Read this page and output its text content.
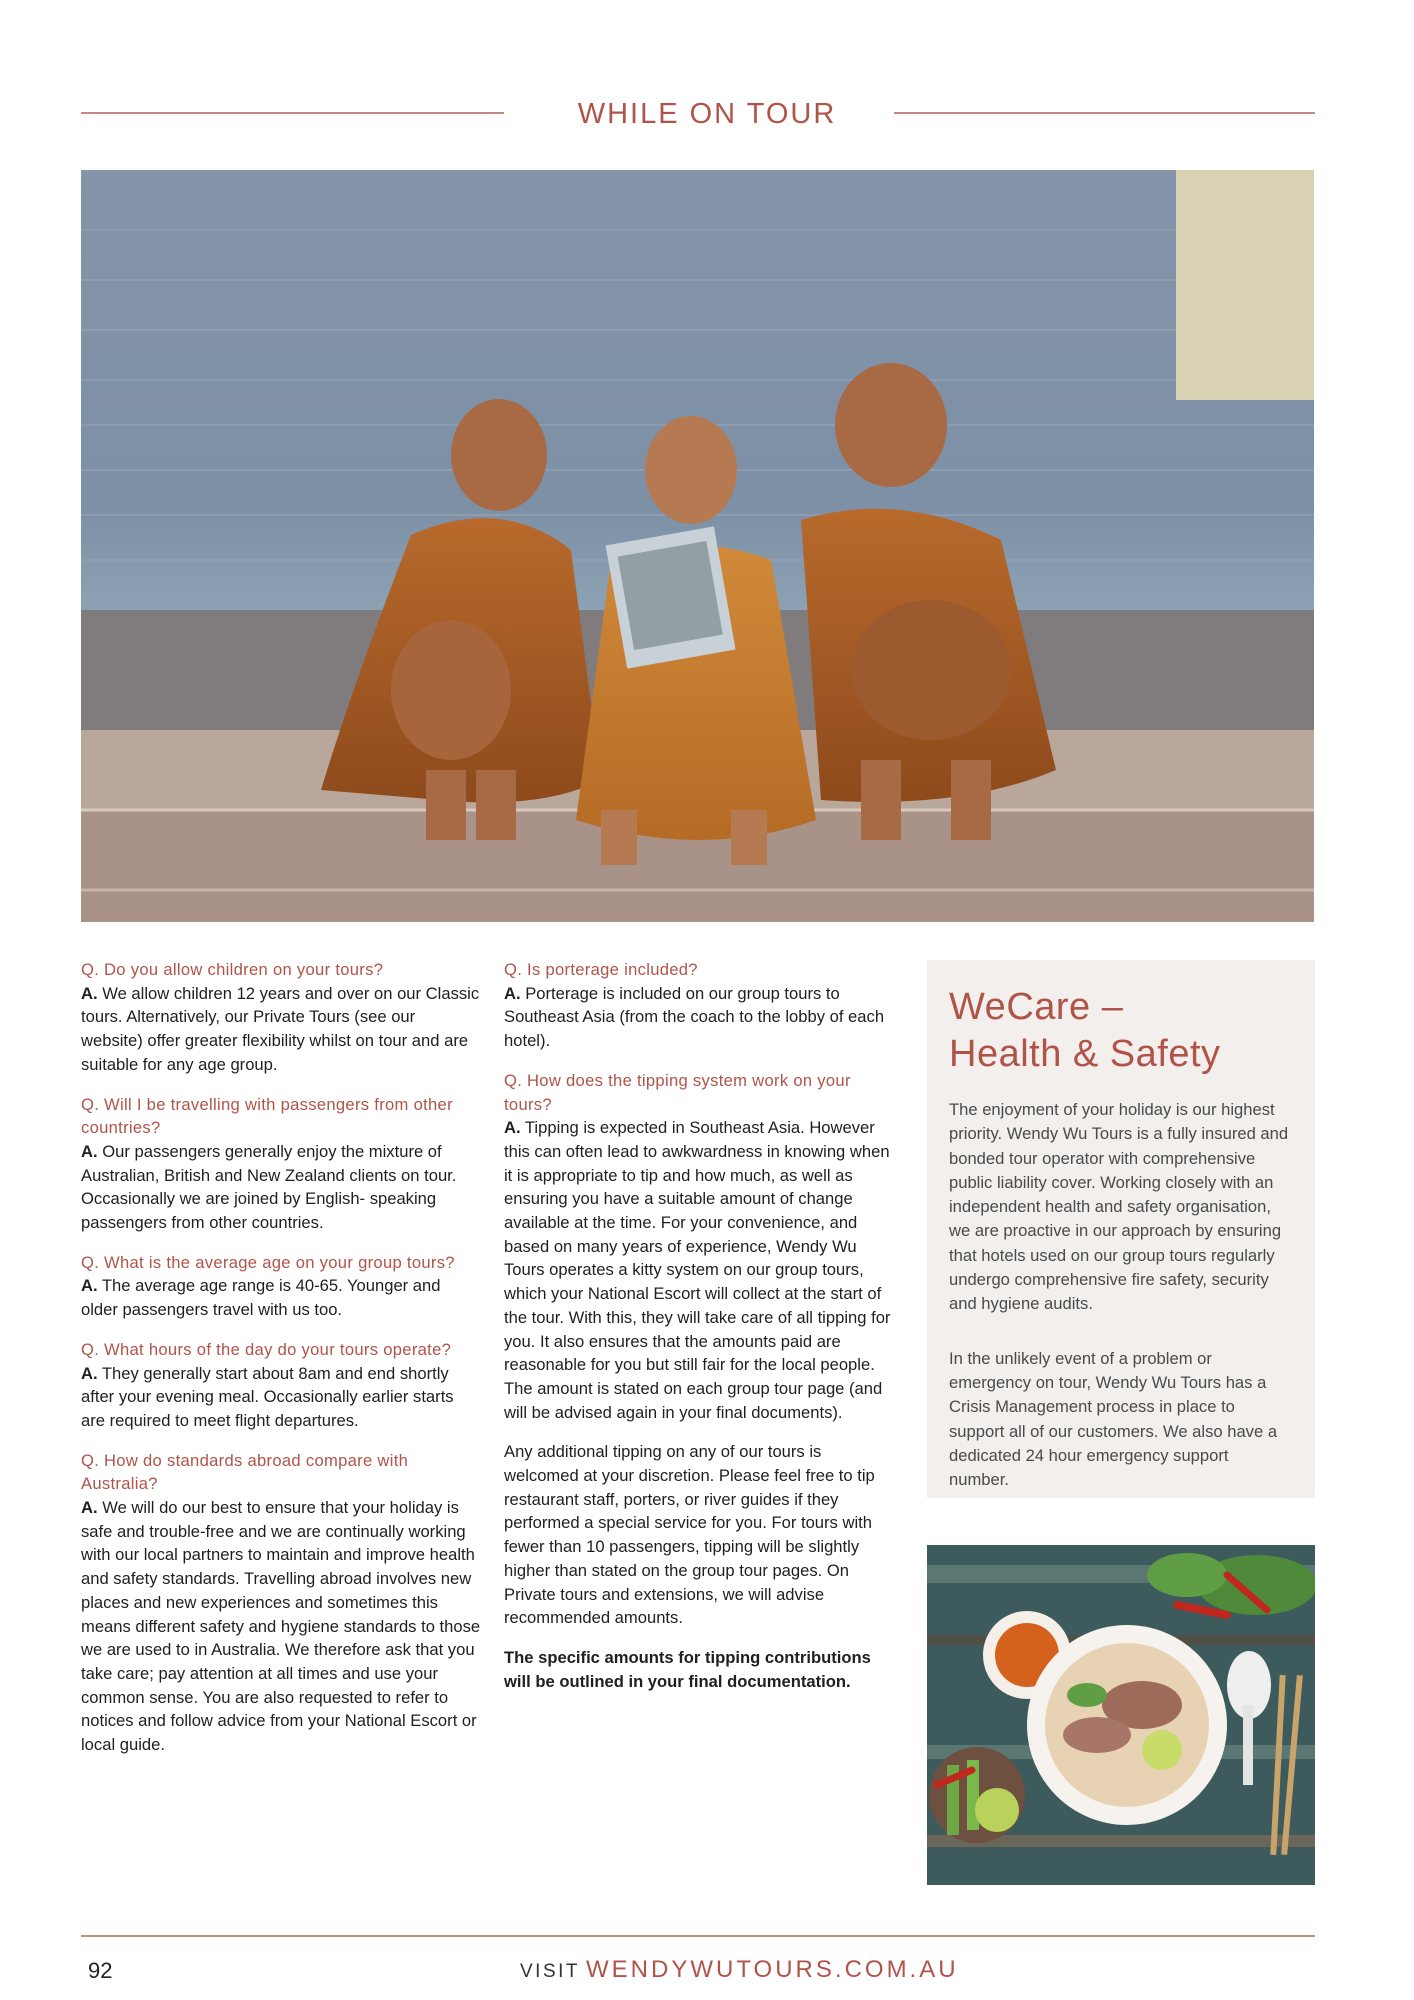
WHILE ON TOUR

Q. Do you allow children on your tours?

A. We allow children 12 years and over on our Classic tours. Alternatively, our Private Tours (see our website) offer greater flexibility whilst on tour and are suitable for any age group.

Q. Will I be travelling with passengers from other countries?

A. Our passengers generally enjoy the mixture of Australian, British and New Zealand clients on tour. Occasionally we are joined by English- speaking passengers from other countries.

Q. What is the average age on your group tours?

A. The average age range is 40-65. Younger and older passengers travel with us too.

Q. What hours of the day do your tours operate?

A. They generally start about 8am and end shortly after your evening meal. Occasionally earlier starts are required to meet flight departures.

Q. How do standards abroad compare with Australia?

A. We will do our best to ensure that your holiday is safe and trouble-free and we are continually working with our local partners to maintain and improve health and safety standards. Travelling abroad involves new places and new experiences and sometimes this means different safety and hygiene standards to those we are used to in Australia. We therefore ask that you take care; pay attention at all times and use your common sense. You are also requested to refer to notices and follow advice from your National Escort or local guide.

Q. Is porterage included?

A. Porterage is included on our group tours to Southeast Asia (from the coach to the lobby of each hotel).

Q. How does the tipping system work on your tours?

A. Tipping is expected in Southeast Asia. However this can often lead to awkwardness in knowing when it is appropriate to tip and how much, as well as ensuring you have a suitable amount of change available at the time. For your convenience, and based on many years of experience, Wendy Wu Tours operates a kitty system on our group tours, which your National Escort will collect at the start of the tour. With this, they will take care of all tipping for you. It also ensures that the amounts paid are reasonable for you but still fair for the local people. The amount is stated on each group tour page (and will be advised again in your final documents).

Any additional tipping on any of our tours is welcomed at your discretion. Please feel free to tip restaurant staff, porters, or river guides if they performed a special service for you. For tours with fewer than 10 passengers, tipping will be slightly higher than stated on the group tour pages. On Private tours and extensions, we will advise recommended amounts.

The specific amounts for tipping contributions will be outlined in your final documentation.

WeCare –
Health & Safety

The enjoyment of your holiday is our highest priority. Wendy Wu Tours is a fully insured and bonded tour operator with comprehensive public liability cover. Working closely with an independent health and safety organisation, we are proactive in our approach by ensuring that hotels used on our group tours regularly undergo comprehensive fire safety, security and hygiene audits.

In the unlikely event of a problem or emergency on tour, Wendy Wu Tours has a Crisis Management process in place to support all of our customers. We also have a dedicated 24 hour emergency support number.

92	VISIT WENDYWUTOURS.COM.AU
